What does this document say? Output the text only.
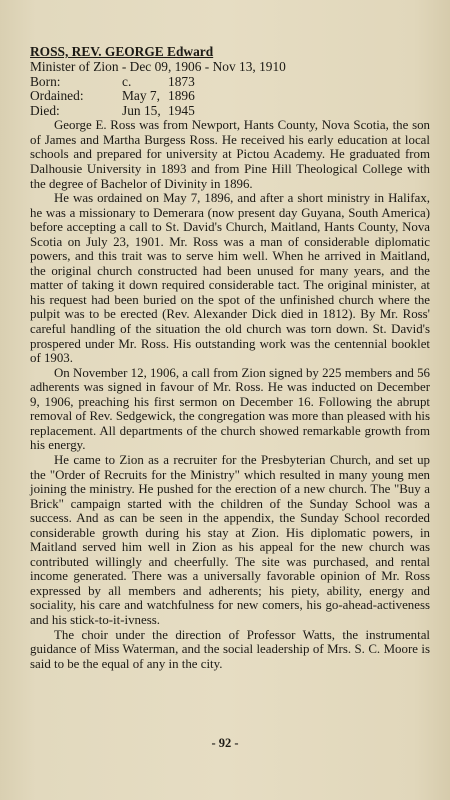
ROSS, REV. GEORGE Edward
Minister of Zion - Dec 09, 1906 - Nov 13, 1910
Born:	c.	1873
Ordained:	May 7, 1896
Died:	Jun 15, 1945

George E. Ross was from Newport, Hants County, Nova Scotia, the son of James and Martha Burgess Ross. He received his early education at local schools and prepared for university at Pictou Academy. He graduated from Dalhousie University in 1893 and from Pine Hill Theological College with the degree of Bachelor of Divinity in 1896.

He was ordained on May 7, 1896, and after a short ministry in Halifax, he was a missionary to Demerara (now present day Guyana, South America) before accepting a call to St. David's Church, Maitland, Hants County, Nova Scotia on July 23, 1901. Mr. Ross was a man of considerable diplomatic powers, and this trait was to serve him well. When he arrived in Maitland, the original church constructed had been unused for many years, and the matter of taking it down required considerable tact. The original minister, at his request had been buried on the spot of the unfinished church where the pulpit was to be erected (Rev. Alexander Dick died in 1812). By Mr. Ross' careful handling of the situation the old church was torn down. St. David's prospered under Mr. Ross. His outstanding work was the centennial booklet of 1903.

On November 12, 1906, a call from Zion signed by 225 members and 56 adherents was signed in favour of Mr. Ross. He was inducted on December 9, 1906, preaching his first sermon on December 16. Following the abrupt removal of Rev. Sedgewick, the congregation was more than pleased with his replacement. All departments of the church showed remarkable growth from his energy.

He came to Zion as a recruiter for the Presbyterian Church, and set up the "Order of Recruits for the Ministry" which resulted in many young men joining the ministry. He pushed for the erection of a new church. The "Buy a Brick" campaign started with the children of the Sunday School was a success. And as can be seen in the appendix, the Sunday School recorded considerable growth during his stay at Zion. His diplomatic powers, in Maitland served him well in Zion as his appeal for the new church was contributed willingly and cheerfully. The site was purchased, and rental income generated. There was a universally favorable opinion of Mr. Ross expressed by all members and adherents; his piety, ability, energy and sociality, his care and watchfulness for new comers, his go-ahead-activeness and his stick-to-it-ivness.

The choir under the direction of Professor Watts, the instrumental guidance of Miss Waterman, and the social leadership of Mrs. S. C. Moore is said to be the equal of any in the city.

- 92 -
